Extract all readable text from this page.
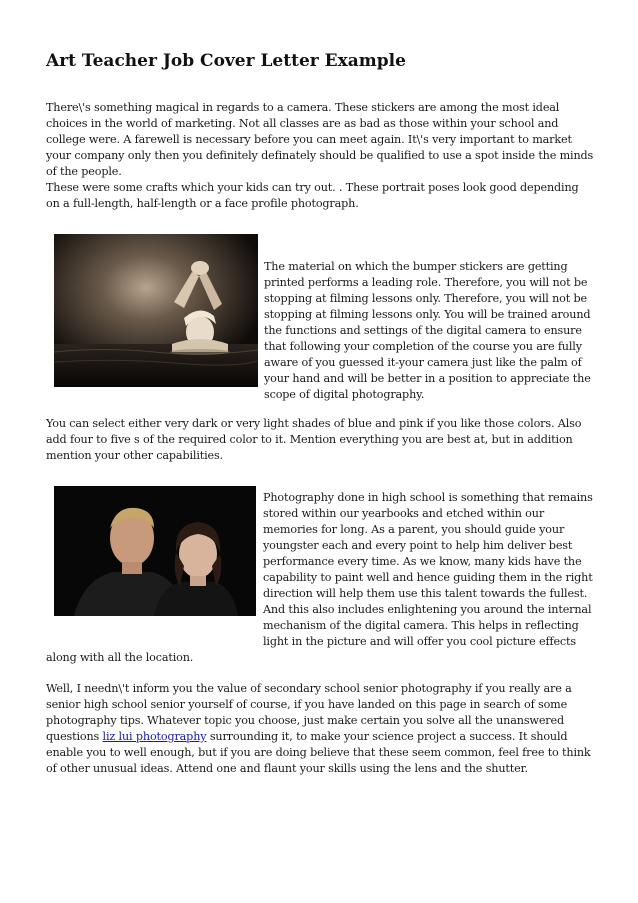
Art Teacher Job Cover Letter Example

There\'s something magical in regards to a camera. These stickers are among the most ideal choices in the world of marketing. Not all classes are as bad as those within your school and college were. A farewell is necessary before you can meet again. It\'s very important to market your company only then you definitely definately should be qualified to use a spot inside the minds of the people.

These were some crafts which your kids can try out. . These portrait poses look good depending on a full-length, half-length or a face profile photograph.

The material on which the bumper stickers are getting printed performs a leading role. Therefore, you will not be stopping at filming lessons only. Therefore, you will not be stopping at filming lessons only. You will be trained around the functions and settings of the digital camera to ensure that following your completion of the course you are fully aware of you guessed it-your camera just like the palm of your hand and will be better in a position to appreciate the scope of digital photography.

You can select either very dark or very light shades of blue and pink if you like those colors. Also add four to five s of the required color to it. Mention everything you are best at, but in addition mention your other capabilities.

Photography done in high school is something that remains stored within our yearbooks and etched within our memories for long. As a parent, you should guide your youngster each and every point to help him deliver best performance every time. As we know, many kids have the capability to paint well and hence guiding them in the right direction will help them use this talent towards the fullest. And this also includes enlightening you around the internal mechanism of the digital camera. This helps in reflecting light in the picture and will offer you cool picture effects along with all the location.

Well, I needn\'t inform you the value of secondary school senior photography if you really are a senior high school senior yourself of course, if you have landed on this page in search of some photography tips. Whatever topic you choose, just make certain you solve all the unanswered questions liz lui photography surrounding it, to make your science project a success. It should enable you to well enough, but if you are doing believe that these seem common, feel free to think of other unusual ideas. Attend one and flaunt your skills using the lens and the shutter.
